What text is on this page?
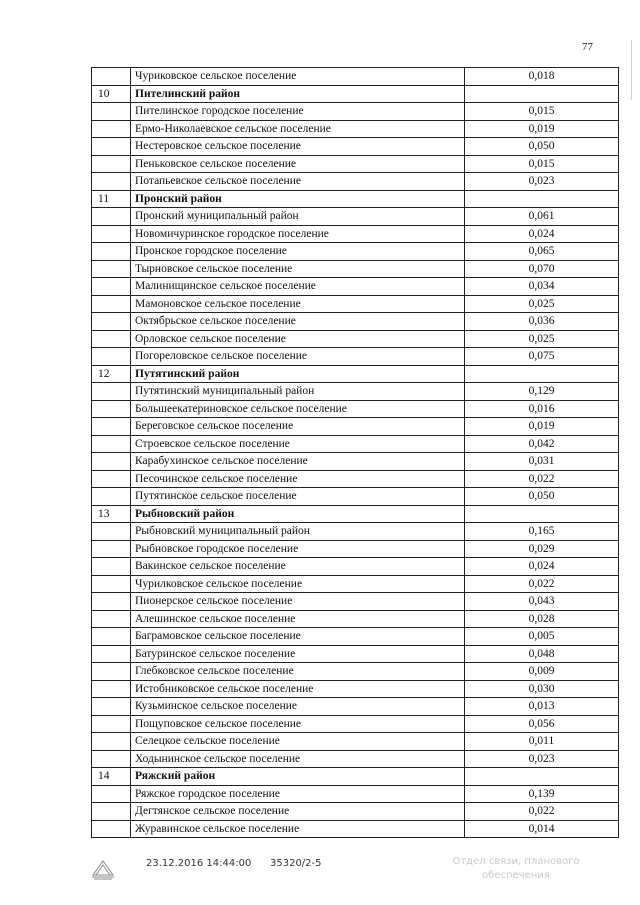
77
	Чуриковское сельское поселение	0,018
10	Пителинский район	
	Пителинское городское поселение	0,015
	Ермо-Николаевское сельское поселение	0,019
	Нестеровское сельское поселение	0,050
	Пеньковское сельское поселение	0,015
	Потапьевское сельское поселение	0,023
11	Пронский район	
	Пронский муниципальный район	0,061
	Новомичуринское городское поселение	0,024
	Пронское городское поселение	0,065
	Тырновское сельское поселение	0,070
	Малинищинское сельское поселение	0,034
	Мамоновское сельское поселение	0,025
	Октябрьское сельское поселение	0,036
	Орловское сельское поселение	0,025
	Погореловское сельское поселение	0,075
12	Путятинский район	
	Путятинский муниципальный район	0,129
	Большеекатериновское сельское поселение	0,016
	Береговское сельское поселение	0,019
	Строевское сельское поселение	0,042
	Карабухинское сельское поселение	0,031
	Песочинское сельское поселение	0,022
	Путятинское сельское поселение	0,050
13	Рыбновский район	
	Рыбновский муниципальный район	0,165
	Рыбновское городское поселение	0,029
	Вакинское сельское поселение	0,024
	Чурилковское сельское поселение	0,022
	Пионерское сельское поселение	0,043
	Алешинское сельское поселение	0,028
	Баграмовское сельское поселение	0,005
	Батуринское сельское поселение	0,048
	Глебковское сельское поселение	0,009
	Истобниковское сельское поселение	0,030
	Кузьминское сельское поселение	0,013
	Пощуповское сельское поселение	0,056
	Селецкое сельское поселение	0,011
	Ходынинское сельское поселение	0,023
14	Ряжский район	
	Ряжское городское поселение	0,139
	Дегтянское сельское поселение	0,022
	Журавинское сельское поселение	0,014
23.12.2016 14:44:00 35320/2-5	Отдел связи, планового обеспечения
